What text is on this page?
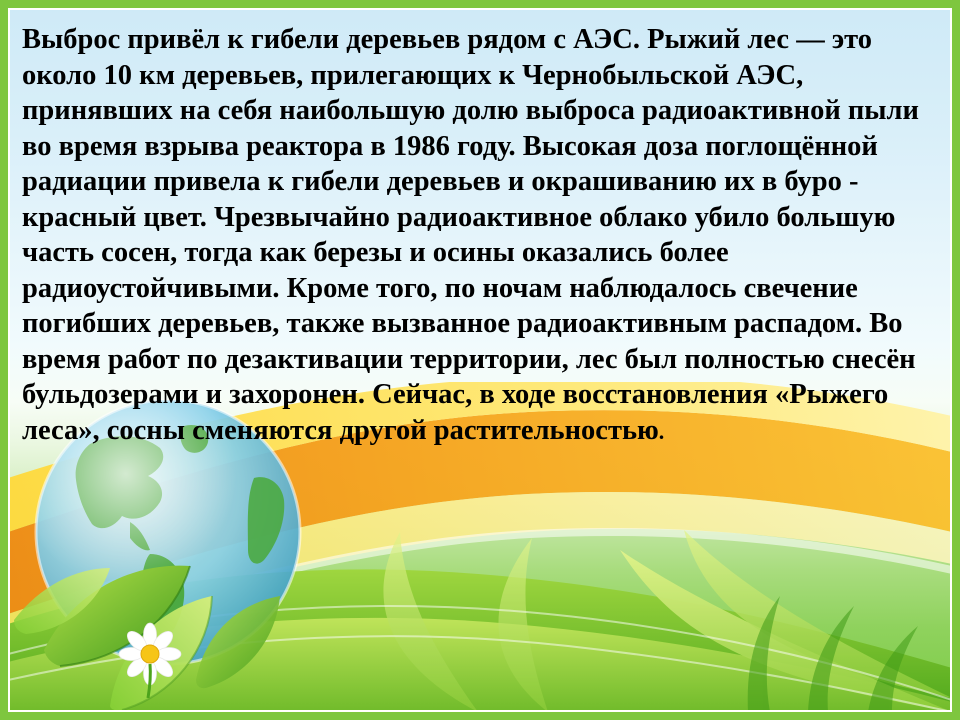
Выброс привёл к гибели деревьев рядом с АЭС. Рыжий лес — это около 10 км деревьев, прилегающих к Чернобыльской АЭС, принявших на себя наибольшую долю выброса радиоактивной пыли во время взрыва реактора в 1986 году. Высокая доза поглощённой радиации привела к гибели деревьев и окрашиванию их в буро - красный цвет. Чрезвычайно радиоактивное облако убило большую часть сосен, тогда как березы и осины оказались более радиоустойчивыми. Кроме того, по ночам наблюдалось свечение погибших деревьев, также вызванное радиоактивным распадом. Во время работ по дезактивации территории, лес был полностью снесён бульдозерами и захоронен. Сейчас, в ходе восстановления «Рыжего леса», сосны сменяются другой растительностью.
